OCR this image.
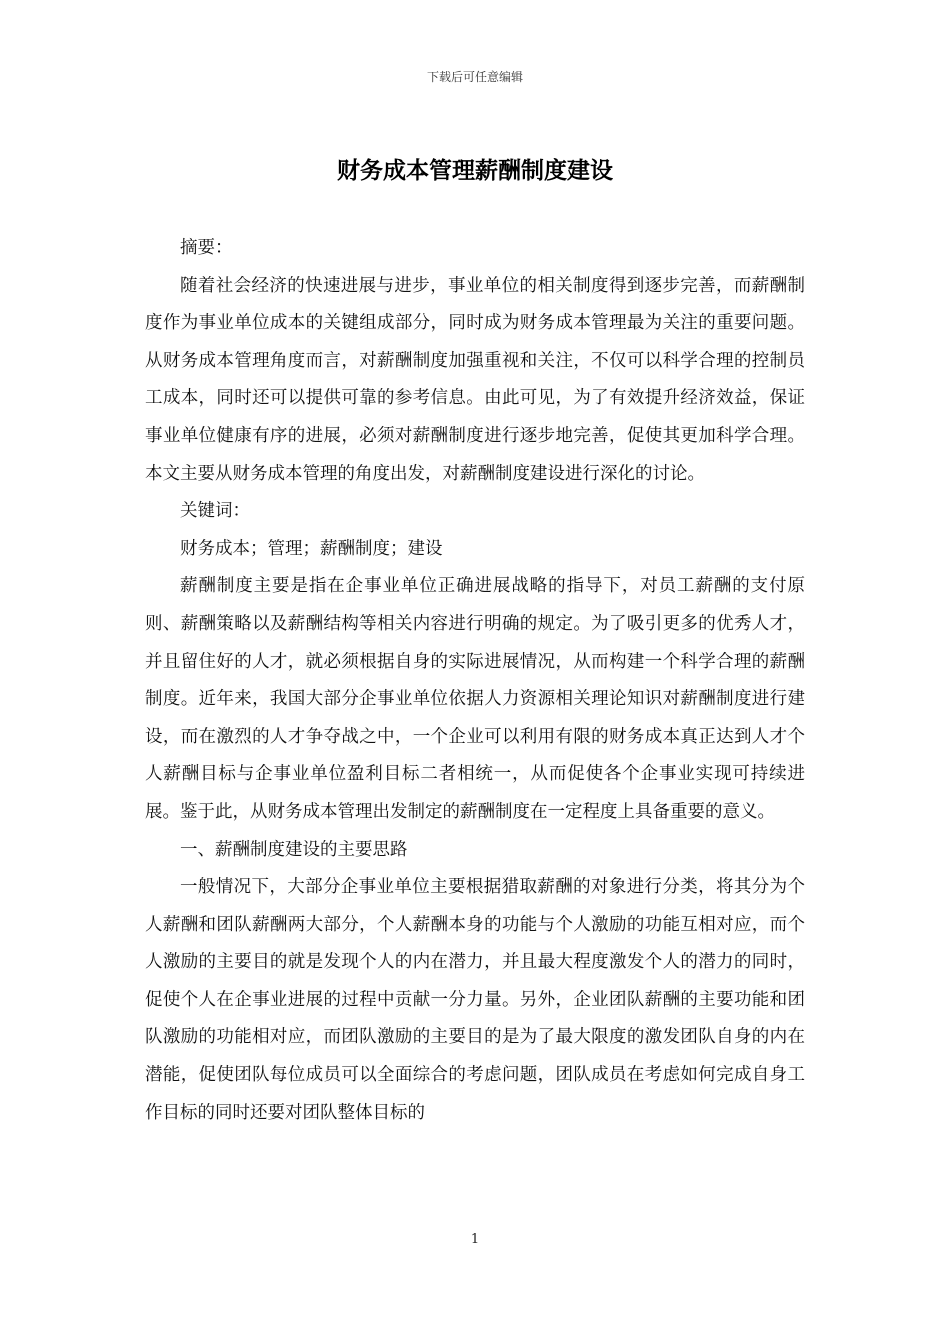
下载后可任意编辑
财务成本管理薪酬制度建设

摘要：

随着社会经济的快速进展与进步，事业单位的相关制度得到逐步完善，而薪酬制度作为事业单位成本的关键组成部分，同时成为财务成本管理最为关注的重要问题。从财务成本管理角度而言，对薪酬制度加强重视和关注，不仅可以科学合理的控制员工成本，同时还可以提供可靠的参考信息。由此可见，为了有效提升经济效益，保证事业单位健康有序的进展，必须对薪酬制度进行逐步地完善，促使其更加科学合理。本文主要从财务成本管理的角度出发，对薪酬制度建设进行深化的讨论。

关键词：

财务成本；管理；薪酬制度；建设

薪酬制度主要是指在企事业单位正确进展战略的指导下，对员工薪酬的支付原则、薪酬策略以及薪酬结构等相关内容进行明确的规定。为了吸引更多的优秀人才，并且留住好的人才，就必须根据自身的实际进展情况，从而构建一个科学合理的薪酬制度。近年来，我国大部分企事业单位依据人力资源相关理论知识对薪酬制度进行建设，而在激烈的人才争夺战之中，一个企业可以利用有限的财务成本真正达到人才个人薪酬目标与企事业单位盈利目标二者相统一，从而促使各个企事业实现可持续进展。鉴于此，从财务成本管理出发制定的薪酬制度在一定程度上具备重要的意义。

一、薪酬制度建设的主要思路

一般情况下，大部分企事业单位主要根据猎取薪酬的对象进行分类，将其分为个人薪酬和团队薪酬两大部分，个人薪酬本身的功能与个人激励的功能互相对应，而个人激励的主要目的就是发现个人的内在潜力，并且最大程度激发个人的潜力的同时，促使个人在企事业进展的过程中贡献一分力量。另外，企业团队薪酬的主要功能和团队激励的功能相对应，而团队激励的主要目的是为了最大限度的激发团队自身的内在潜能，促使团队每位成员可以全面综合的考虑问题，团队成员在考虑如何完成自身工作目标的同时还要对团队整体目标的

1
